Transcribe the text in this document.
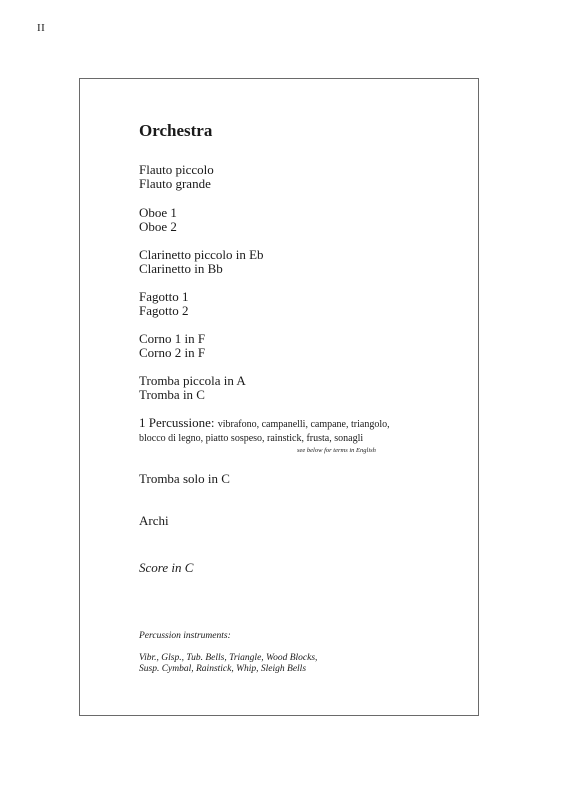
II
Orchestra
Flauto piccolo
Flauto grande
Oboe 1
Oboe 2
Clarinetto piccolo in Eb
Clarinetto in Bb
Fagotto 1
Fagotto 2
Corno 1 in F
Corno 2 in F
Tromba piccola in A
Tromba in C
1 Percussione: vibrafono, campanelli, campane, triangolo,
blocco di legno, piatto sospeso, rainstick, frusta, sonagli
see below for terms in English
Tromba solo in C
Archi
Score in C
Percussion instruments:
Vibr., Glsp., Tub. Bells, Triangle, Wood Blocks,
Susp. Cymbal, Rainstick, Whip, Sleigh Bells
